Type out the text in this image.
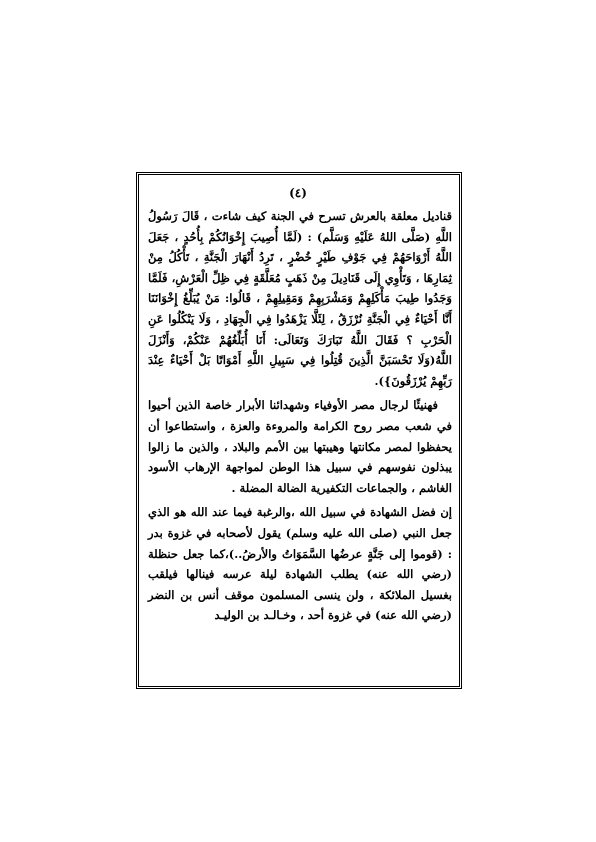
(٤)

قناديل معلقة بالعرش تسرح في الجنة كيف شاءت ، قَالَ رَسُولُ اللَّهِ (صَلَّى اللهُ عَلَيْهِ وَسَلَّم) : (لَمَّا أُصِيبَ إِخْوَانُكُمْ بِأُحُدٍ ، جَعَلَ اللَّهُ أَرْوَاحَهُمْ فِي جَوْفِ طَيْرٍ خُضْرٍ ، تَرِدُ أَنْهَارَ الْجَنَّةِ ، تَأْكُلُ مِنْ ثِمَارِهَا ، وَتَأْوِي إِلَى قَنَادِيلَ مِنْ ذَهَبٍ مُعَلَّقَةٍ فِي ظِلِّ الْعَرْشِ، فَلَمَّا وَجَدُوا طِيبَ مَأْكَلِهِمْ وَمَشْرَبِهِمْ وَمَقِيلِهِمْ ، قَالُوا: مَنْ يُبَلِّغُ إِخْوَانَنَا أَنَّا أَحْيَاءٌ فِي الْجَنَّةِ نُرْزَقُ ، لِئَلَّا يَزْهَدُوا فِي الْجِهَادِ ، وَلَا يَنْكُلُوا عَنِ الْحَرْبِ ؟ فَقَالَ اللَّهُ تَبَارَكَ وَتَعَالَى: أَنَا أُبَلِّغُهُمْ عَنْكُمْ، وَأَنْزَلَ اللَّهُ(وَلَا تَحْسَبَنَّ الَّذِينَ قُتِلُوا فِي سَبِيلِ اللَّهِ أَمْوَاتًا بَلْ أَحْيَاءٌ عِنْدَ رَبِّهِمْ يُرْزَقُونَ}).

فهنيئًا لرجال مصر الأوفياء وشهدائنا الأبرار خاصة الذين أحيوا في شعب مصر روح الكرامة والمروءة والعزة ، واستطاعوا أن يحفظوا لمصر مكانتها وهيبتها بين الأمم والبلاد ، والذين ما زالوا يبذلون نفوسهم في سبيل هذا الوطن لمواجهة الإرهاب الأسود الغاشم ، والجماعات التكفيرية الضالة المضلة .

إن فضل الشهادة في سبيل الله ،والرغبة فيما عند الله هو الذي جعل النبي (صلى الله عليه وسلم) يقول لأصحابه في غزوة بدر : (قوموا إلى جَنَّةٍ عرضُها السَّمَوَاتُ والأرضُ..)،كما جعل حنظلة (رضي الله عنه) يطلب الشهادة ليلة عرسه فينالها فيلقب بغسيل الملائكة ، ولن ينسى المسلمون موقف أنس بن النضر (رضي الله عنه) في غزوة أحد ، وخـالـد بن الوليـد
